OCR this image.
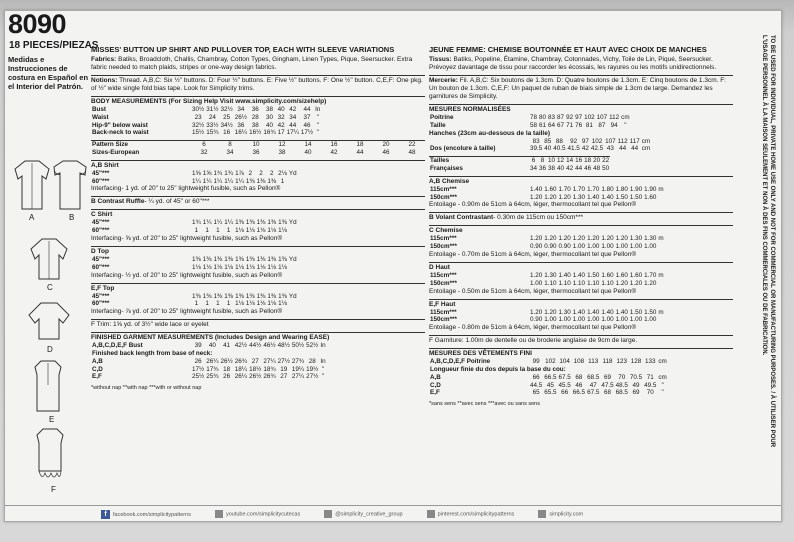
8090
18 PIECES/PIEZAS
Medidas e Instrucciones de costura en Español en el Interior del Patrón.
A	B
C
D
E
F
MISSES' BUTTON UP SHIRT AND PULLOVER TOP, EACH WITH SLEEVE VARIATIONS
Fabrics: Batiks, Broadcloth, Challis, Chambray, Cotton Types, Gingham, Linen Types, Pique, Seersucker. Extra fabric needed to match plaids, stripes or one-way design fabrics.
Notions: Thread. A,B,C: Six ½" buttons. D: Four ½" buttons. E: Five ½" buttons. F: One ½" button. C,E,F: One pkg. of ½" wide single fold bias tape. Look for Simplicity trims.
BODY MEASUREMENTS (For Sizing Help Visit www.simplicity.com/sizehelp)
Bust	30½	31½	32½	34	36	38	40	42	44	In
Waist	23	24	25	26½	28	30	32	34	37	"
Hip-9" below waist	32½	33½	34½	36	38	40	42	44	46	"
Back-neck to waist	15½	15¾	16	16¼	16½	16¾	17	17¼	17½	"
Pattern Size	6	8	10	12	14	16	18	20	22
Sizes-European	32	34	36	38	40	42	44	46	48
A,B Shirt
45"***	1⅝	1⅝	1¾	1¾	1⅞	2	2	2	2⅛	Yd
60"***	1¼	1¼	1¼	1¼	1¼	1⅜	1⅜	1⅜	1	
Interfacing- 1 yd. of 20" to 25" lightweight fusible, such as Pellon®
B Contrast Ruffle- ¼ yd. of 45" or 60"***
C Shirt
45"***	1¾	1¼	1¼	1¼	1⅜	1⅜	1⅜	1⅜	1⅜	Yd
60"***	1	1	1	1	1⅛	1⅛	1⅛	1⅛	1⅛	
Interfacing- ⅝ yd. of 20" to 25" lightweight fusible, such as Pellon®
D Top
45"***	1⅜	1⅜	1⅜	1⅜	1⅜	1⅜	1⅜	1⅜	1⅜	Yd
60"***	1⅛	1⅛	1⅛	1⅛	1⅛	1⅛	1⅛	1⅛	1⅛	
Interfacing- ½ yd. of 20" to 25" lightweight fusible, such as Pellon®
E,F Top
45"***	1⅜	1⅜	1⅜	1⅜	1⅜	1⅜	1⅜	1⅜	1⅜	Yd
60"***	1	1	1	1	1⅛	1⅛	1⅛	1⅛	1⅛	
Interfacing- ⅞ yd. of 20" to 25" lightweight fusible, such as Pellon®
F Trim: 1⅝ yd. of 3½" wide lace or eyelet
FINISHED GARMENT MEASUREMENTS (Includes Design and Wearing EASE)
A,B,C,D,E,F Bust	39	40	41	42½	44½	46½	48½	50½	52½	In
Finished back length from base of neck:										
A,B	26	26¼	26½	26¾	27	27¼	27½	27¾	28	In
C,D	17½	17¾	18	18¼	18½	18¾	19	19¼	19½	"
E,F	25½	25¾	26	26¼	26½	26¾	27	27¼	27½	"
*without nap **with nap ***with or without nap
JEUNE FEMME: CHEMISE BOUTONNÉE ET HAUT AVEC CHOIX DE MANCHES
Tissus: Batiks, Popeline, Étamine, Chambray, Cotonnades, Vichy, Toile de Lin, Piqué, Seersucker. Prévoyez davantage de tissu pour raccorder les écossais, les rayures ou les motifs unidirectionnels.
Mercerie: Fil. A,B,C: Six boutons de 1.3cm. D: Quatre boutons de 1.3cm. E: Cinq boutons de 1.3cm. F: Un bouton de 1.3cm. C,E,F: Un paquet de ruban de biais simple de 1.3cm de large. Demandez les garnitures de Simplicity.
MESURES NORMALISÉES
Poitrine	78	80	83	87	92	97	102	107	112	cm
Taille	58	61	64	67	71	76	81	87	94	"
Hanches (23cm au-dessous de la taille)
	83	85	88	92	97	102	107	112	117	cm
Dos (encolure à taille)	39.5	40	40.5	41.5	42	42.5	43	44	44	cm
Tailles	6	8	10	12	14	16	18	20	22
Françaises	34	36	38	40	42	44	46	48	50
A,B Chemise
115cm***	1.40	1.60	1.70	1.70	1.70	1.80	1.80	1.90	1.90	m
150cm***	1.20	1.20	1.20	1.30	1.40	1.40	1.50	1.50	1.60	
Entoilage - 0.90m de 51cm à 64cm, léger, thermocollant tel que Pellon®
B Volant Contrastant- 0.30m de 115cm ou 150cm***
C Chemise
115cm***	1.20	1.20	1.20	1.20	1.20	1.20	1.20	1.30	1.30	m
150cm***	0.90	0.90	0.90	1.00	1.00	1.00	1.00	1.00	1.00	
Entoilage - 0.70m de 51cm à 64cm, léger, thermocollant tel que Pellon®
D Haut
115cm***	1.20	1.30	1.40	1.40	1.50	1.60	1.60	1.60	1.70	m
150cm***	1.00	1.10	1.10	1.10	1.10	1.10	1.20	1.20	1.20	
Entoilage - 0.50m de 51cm à 64cm, léger, thermocollant tel que Pellon®
E,F Haut
115cm***	1.20	1.20	1.30	1.40	1.40	1.40	1.40	1.50	1.50	m
150cm***	0.90	1.00	1.00	1.00	1.00	1.00	1.00	1.00	1.00	
Entoilage - 0.80m de 51cm à 64cm, léger, thermocollant tel que Pellon®
F Garniture: 1.00m de dentelle ou de broderie anglaise de 9cm de large.
MESURES DES VÊTEMENTS FINI
A,B,C,D,E,F Poitrine	99	102	104	108	113	118	123	128	133	cm
Longueur finie du dos depuis la base du cou:										
A,B	66	66.5	67.5	68	68.5	69	70	70.5	71	cm
C,D	44.5	45	45.5	46	47	47.5	48.5	49	49.5	"
E,F	65	65.5	66	66.5	67.5	68	68.5	69	70	"
*sans sens **avec sens ***avec ou sans sens	TO BE USED FOR INDIVIDUAL, PRIVATE HOME USE ONLY AND NOT FOR COMMERCIAL OR MANUFACTURING PURPOSES. / À UTILISER POUR L'USAGE PERSONNEL À LA MAISON SEULEMENT ET NON À DES FINS COMMERCIALES OU DE FABRICATION.
f facebook.com/simplicitypatterns	youtube.com/simplicitycutecas	@simplicity_creative_group	pinterest.com/simplicitypatterns	simplicity.com
